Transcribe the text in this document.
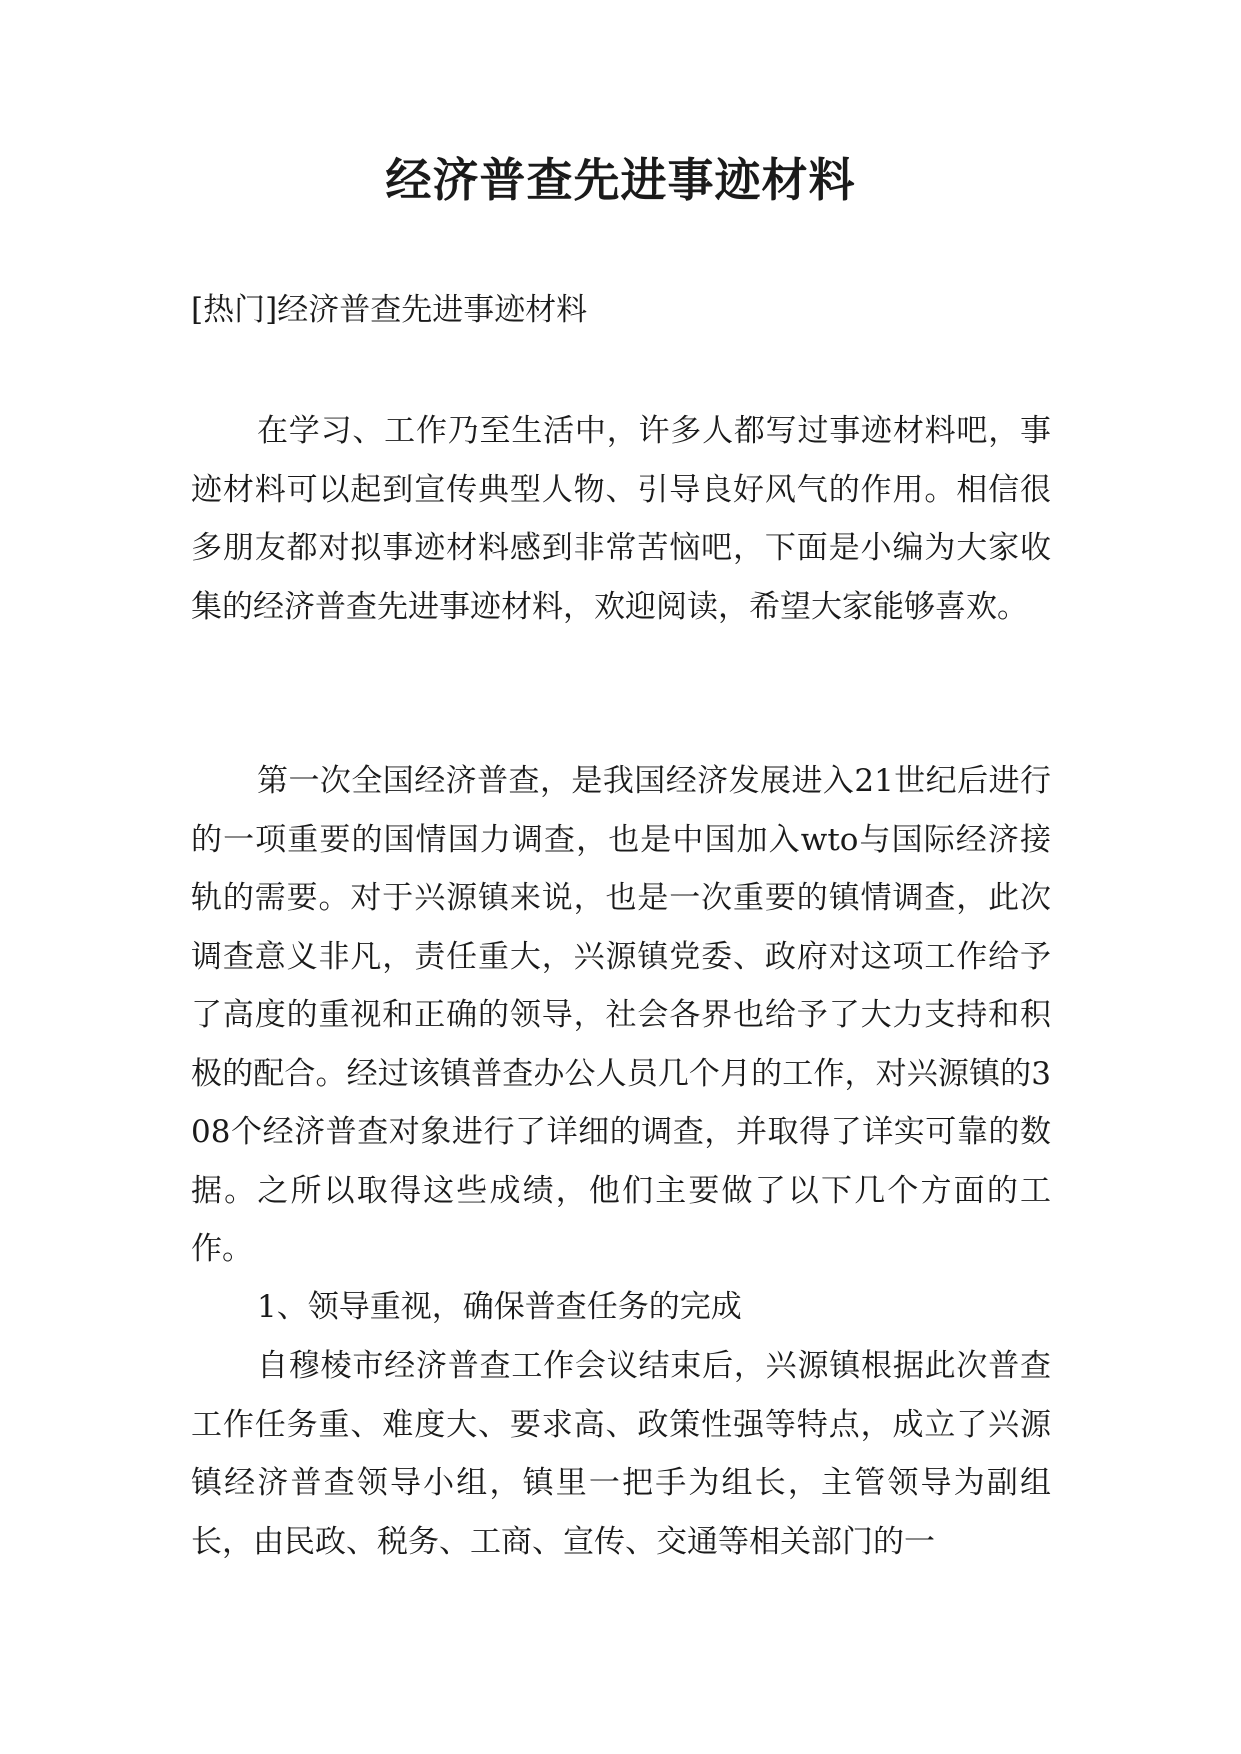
经济普查先进事迹材料

[热门]经济普查先进事迹材料

在学习、工作乃至生活中，许多人都写过事迹材料吧，事迹材料可以起到宣传典型人物、引导良好风气的作用。相信很多朋友都对拟事迹材料感到非常苦恼吧，下面是小编为大家收集的经济普查先进事迹材料，欢迎阅读，希望大家能够喜欢。

第一次全国经济普查，是我国经济发展进入21世纪后进行的一项重要的国情国力调查，也是中国加入wto与国际经济接轨的需要。对于兴源镇来说，也是一次重要的镇情调查，此次调查意义非凡，责任重大，兴源镇党委、政府对这项工作给予了高度的重视和正确的领导，社会各界也给予了大力支持和积极的配合。经过该镇普查办公人员几个月的工作，对兴源镇的308个经济普查对象进行了详细的调查，并取得了详实可靠的数据。之所以取得这些成绩，他们主要做了以下几个方面的工作。

1、领导重视，确保普查任务的完成

自穆棱市经济普查工作会议结束后，兴源镇根据此次普查工作任务重、难度大、要求高、政策性强等特点，成立了兴源镇经济普查领导小组，镇里一把手为组长，主管领导为副组长，由民政、税务、工商、宣传、交通等相关部门的一
